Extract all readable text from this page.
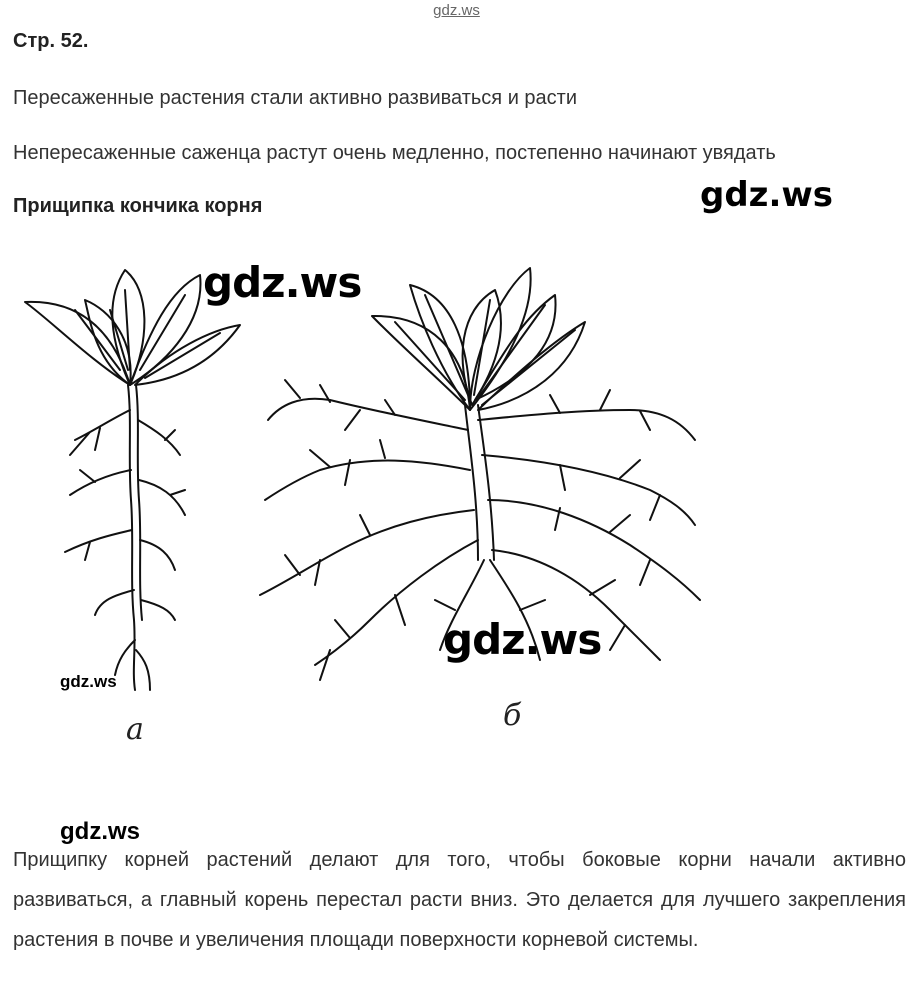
gdz.ws
Стр. 52.
Пересаженные растения стали активно развиваться и расти
Непересаженные саженца растут очень медленно, постепенно начинают увядать
Прищипка кончика корня	gdz.ws
gdz.ws
gdz.ws
gdz.ws
а	б
gdz.ws
Прищипку корней растений делают для того, чтобы боковые корни начали активно развиваться, а главный корень перестал расти вниз. Это делается для лучшего закрепления растения в почве и увеличения площади поверхности корневой системы.
